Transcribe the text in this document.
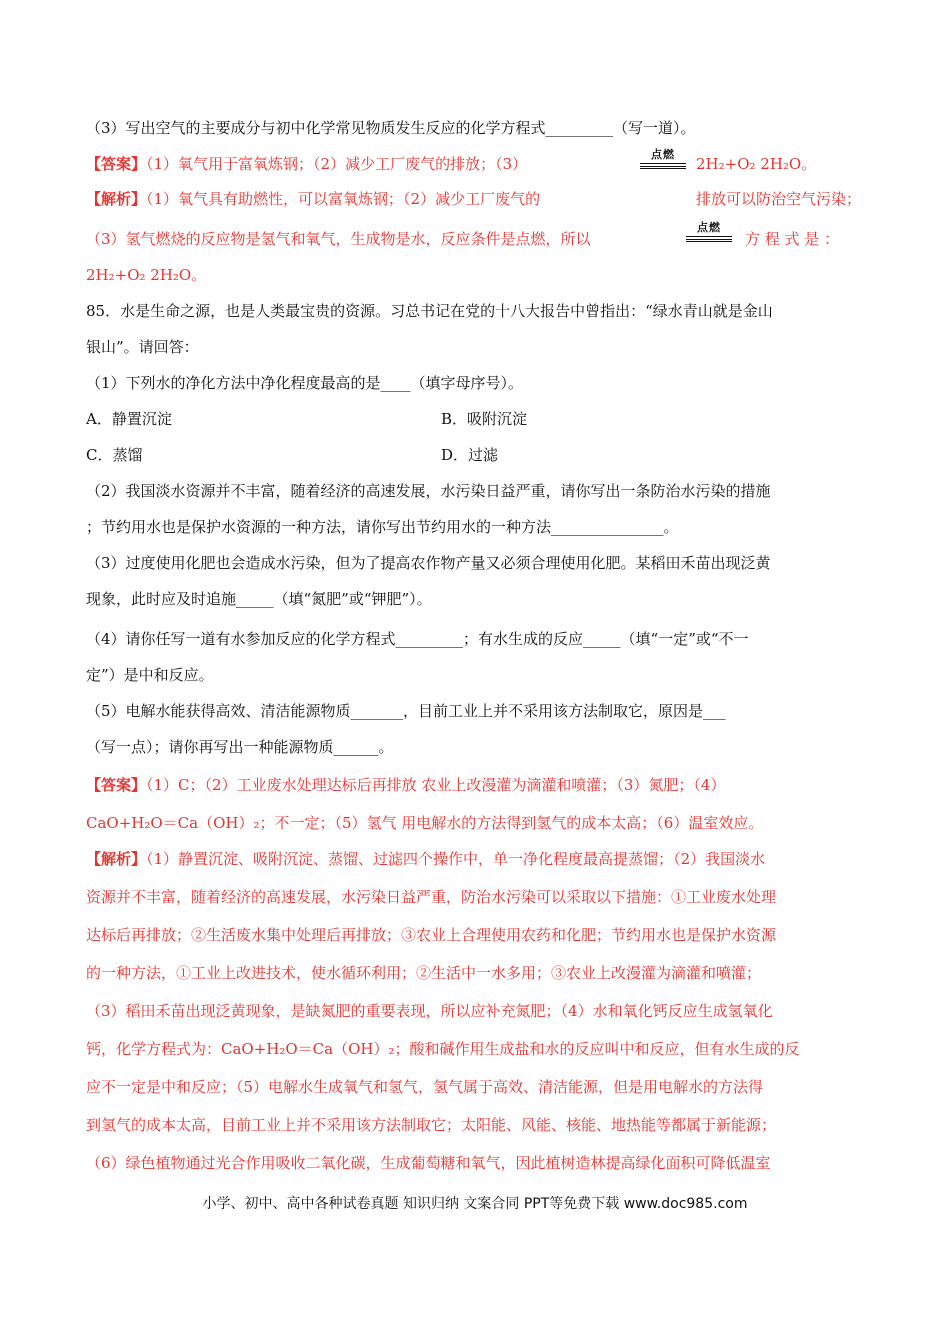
（3）写出空气的主要成分与初中化学常见物质发生反应的化学方程式_________（写一道）。
【答案】（1）氧气用于富氧炼钢；（2）减少工厂废气的排放；（3）
点燃
2H₂+O₂ 2H₂O。
【解析】（1）氧气具有助燃性，可以富氧炼钢；（2）减少工厂废气的	排放可以防治空气污染；
（3）氢气燃烧的反应物是氢气和氧气，生成物是水，反应条件是点燃，所以
点燃
方 程 式 是 ：
2H₂+O₂ 2H₂O。
85．水是生命之源，也是人类最宝贵的资源。习总书记在党的十八大报告中曾指出：“绿水青山就是金山
银山”。请回答：
（1）下列水的净化方法中净化程度最高的是____（填字母序号）。
A．静置沉淀	B．吸附沉淀
C．蒸馏	D．过滤
（2）我国淡水资源并不丰富，随着经济的高速发展，水污染日益严重，请你写出一条防治水污染的措施
；节约用水也是保护水资源的一种方法，请你写出节约用水的一种方法_______________。
（3）过度使用化肥也会造成水污染，但为了提高农作物产量又必须合理使用化肥。某稻田禾苗出现泛黄
现象，此时应及时追施_____（填“氮肥”或“钾肥”）。
（4）请你任写一道有水参加反应的化学方程式_________；有水生成的反应_____（填“一定”或“不一
定”）是中和反应。
（5）电解水能获得高效、清洁能源物质_______，目前工业上并不采用该方法制取它，原因是___
（写一点）；请你再写出一种能源物质______。
【答案】（1）C；（2）工业废水处理达标后再排放 农业上改漫灌为滴灌和喷灌；（3）氮肥；（4）
CaO+H₂O＝Ca（OH）₂；不一定；（5）氢气 用电解水的方法得到氢气的成本太高；（6）温室效应。
【解析】（1）静置沉淀、吸附沉淀、蒸馏、过滤四个操作中，单一净化程度最高提蒸馏；（2）我国淡水
资源并不丰富，随着经济的高速发展，水污染日益严重，防治水污染可以采取以下措施：①工业废水处理
达标后再排放；②生活废水集中处理后再排放；③农业上合理使用农药和化肥；节约用水也是保护水资源
的一种方法，①工业上改进技术，使水循环利用；②生活中一水多用；③农业上改漫灌为滴灌和喷灌；
（3）稻田禾苗出现泛黄现象，是缺氮肥的重要表现，所以应补充氮肥；（4）水和氧化钙反应生成氢氧化
钙，化学方程式为：CaO+H₂O＝Ca（OH）₂；酸和碱作用生成盐和水的反应叫中和反应，但有水生成的反
应不一定是中和反应；（5）电解水生成氧气和氢气，氢气属于高效、清洁能源，但是用电解水的方法得
到氢气的成本太高，目前工业上并不采用该方法制取它；太阳能、风能、核能、地热能等都属于新能源；
（6）绿色植物通过光合作用吸收二氧化碳，生成葡萄糖和氧气，因此植树造林提高绿化面积可降低温室
小学、初中、高中各种试卷真题 知识归纳 文案合同 PPT等免费下载 www.doc985.com
